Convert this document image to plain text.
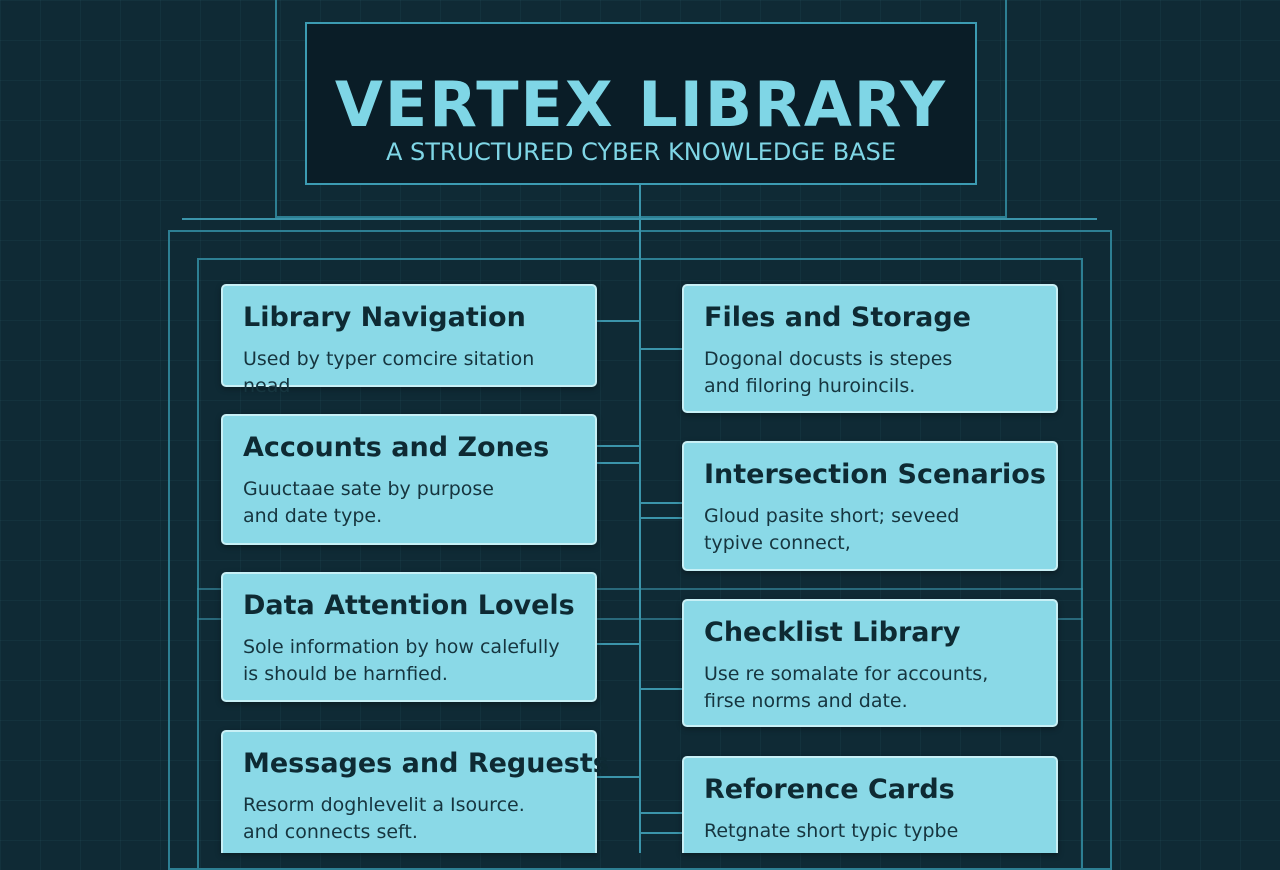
VERTEX LIBRARY
A STRUCTURED CYBER KNOWLEDGE BASE
Library Navigation
Used by typer comcire sitation nead
Files and Storage
Dogonal docusts is stepes
and filoring huroincils.
Accounts and Zones
Guuctaae sate by purpose
and date type.
Intersection Scenarios
Gloud pasite short; seveed
typive connect,
Data Attention Lovels
Sole information by how calefully
is should be harnfied.
Checklist Library
Use re somalate for accounts,
firse norms and date.
Messages and Reguests
Resorm doghlevelit a Isource.
and connects seft.
Reforence Cards
Retgnate short typic typbe
